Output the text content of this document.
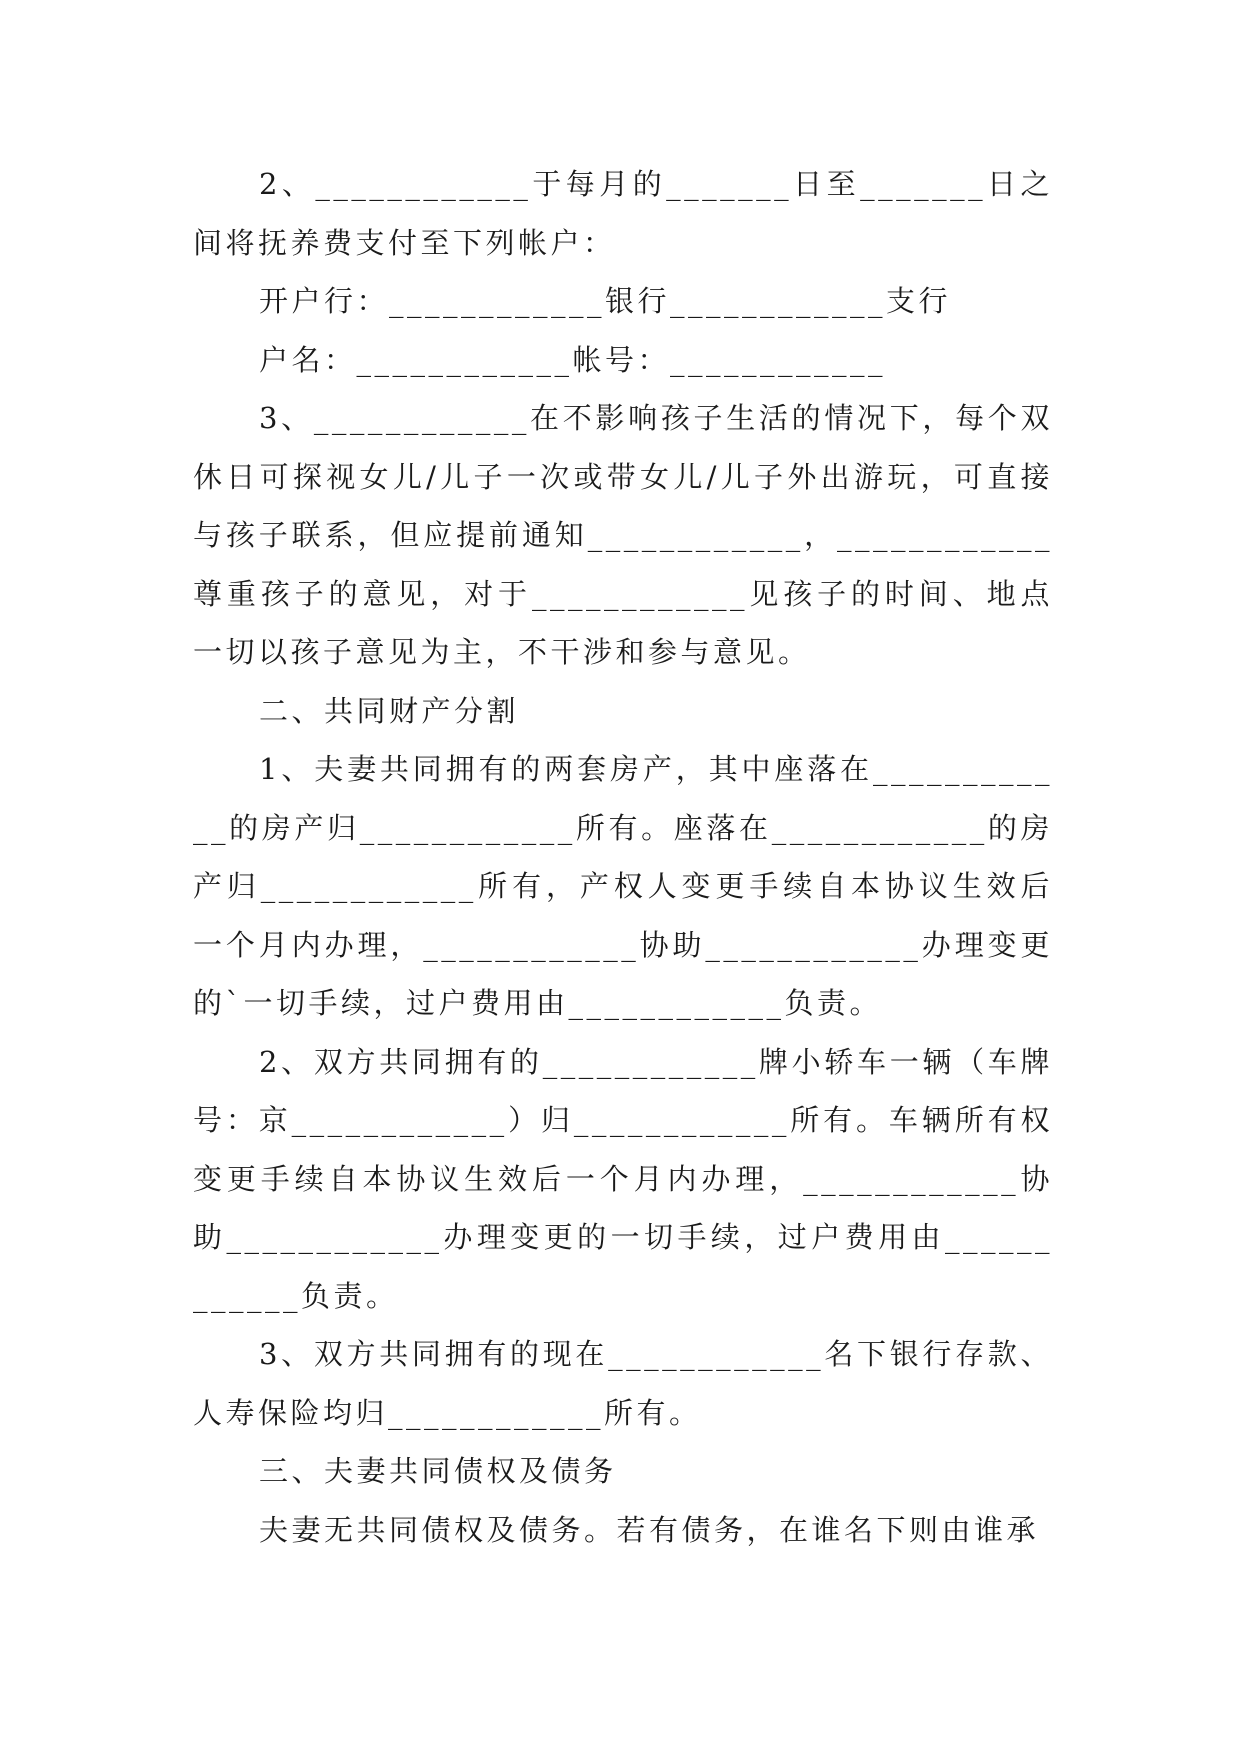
2、____________于每月的_______日至_______日之间将抚养费支付至下列帐户：

开户行：____________银行____________支行

户名：____________帐号：____________

3、____________在不影响孩子生活的情况下，每个双休日可探视女儿/儿子一次或带女儿/儿子外出游玩，可直接与孩子联系，但应提前通知____________，____________尊重孩子的意见，对于____________见孩子的时间、地点一切以孩子意见为主，不干涉和参与意见。

二、共同财产分割

1、夫妻共同拥有的两套房产，其中座落在____________的房产归____________所有。座落在____________的房产归____________所有，产权人变更手续自本协议生效后一个月内办理，____________协助____________办理变更的`一切手续，过户费用由____________负责。

2、双方共同拥有的____________牌小轿车一辆（车牌号：京____________）归____________所有。车辆所有权变更手续自本协议生效后一个月内办理，____________协助____________办理变更的一切手续，过户费用由____________负责。

3、双方共同拥有的现在____________名下银行存款、人寿保险均归____________所有。

三、夫妻共同债权及债务

夫妻无共同债权及债务。若有债务，在谁名下则由谁承
